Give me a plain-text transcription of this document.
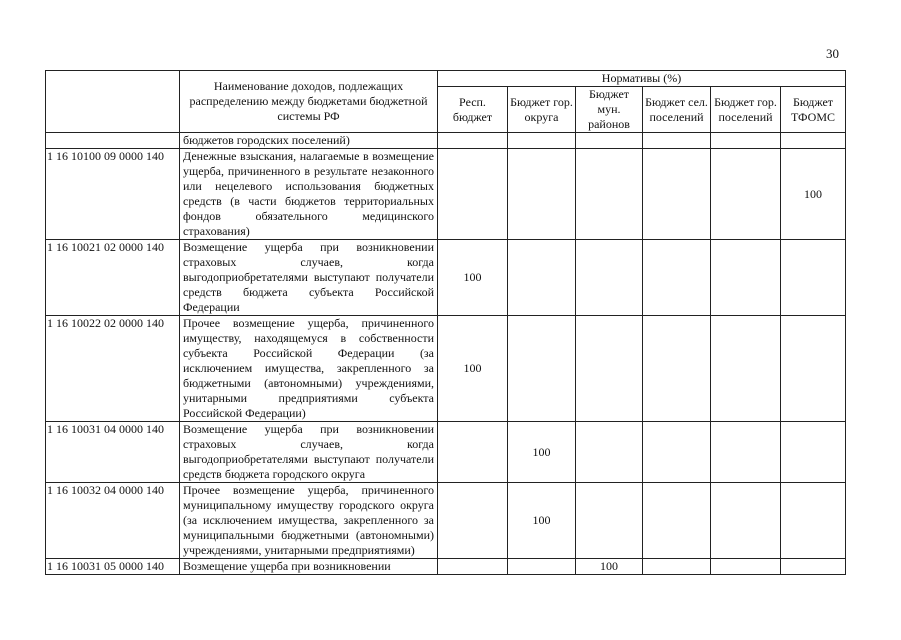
30
	Наименование доходов, подлежащих распределению между бюджетами бюджетной системы РФ	Нормативы (%)					
		Респ. бюджет	Бюджет гор. округа	Бюджет мун. районов	Бюджет сел. поселений	Бюджет гор. поселений	Бюджет ТФОМС
	бюджетов городских поселений)						
1 16 10100 09 0000 140	Денежные взыскания, налагаемые в возмещение ущерба, причиненного в результате незаконного или нецелевого использования бюджетных средств (в части бюджетов территориальных фондов обязательного медицинского страхования)						100
1 16 10021 02 0000 140	Возмещение ущерба при возникновении страховых случаев, когда выгодоприобретателями выступают получатели средств бюджета субъекта Российской Федерации	100					
1 16 10022 02 0000 140	Прочее возмещение ущерба, причиненного имуществу, находящемуся в собственности субъекта Российской Федерации (за исключением имущества, закрепленного за бюджетными (автономными) учреждениями, унитарными предприятиями субъекта Российской Федерации)	100					
1 16 10031 04 0000 140	Возмещение ущерба при возникновении страховых случаев, когда выгодоприобретателями выступают получатели средств бюджета городского округа		100				
1 16 10032 04 0000 140	Прочее возмещение ущерба, причиненного муниципальному имуществу городского округа (за исключением имущества, закрепленного за муниципальными бюджетными (автономными) учреждениями, унитарными предприятиями)		100				
1 16 10031 05 0000 140	Возмещение ущерба при возникновении			100			
